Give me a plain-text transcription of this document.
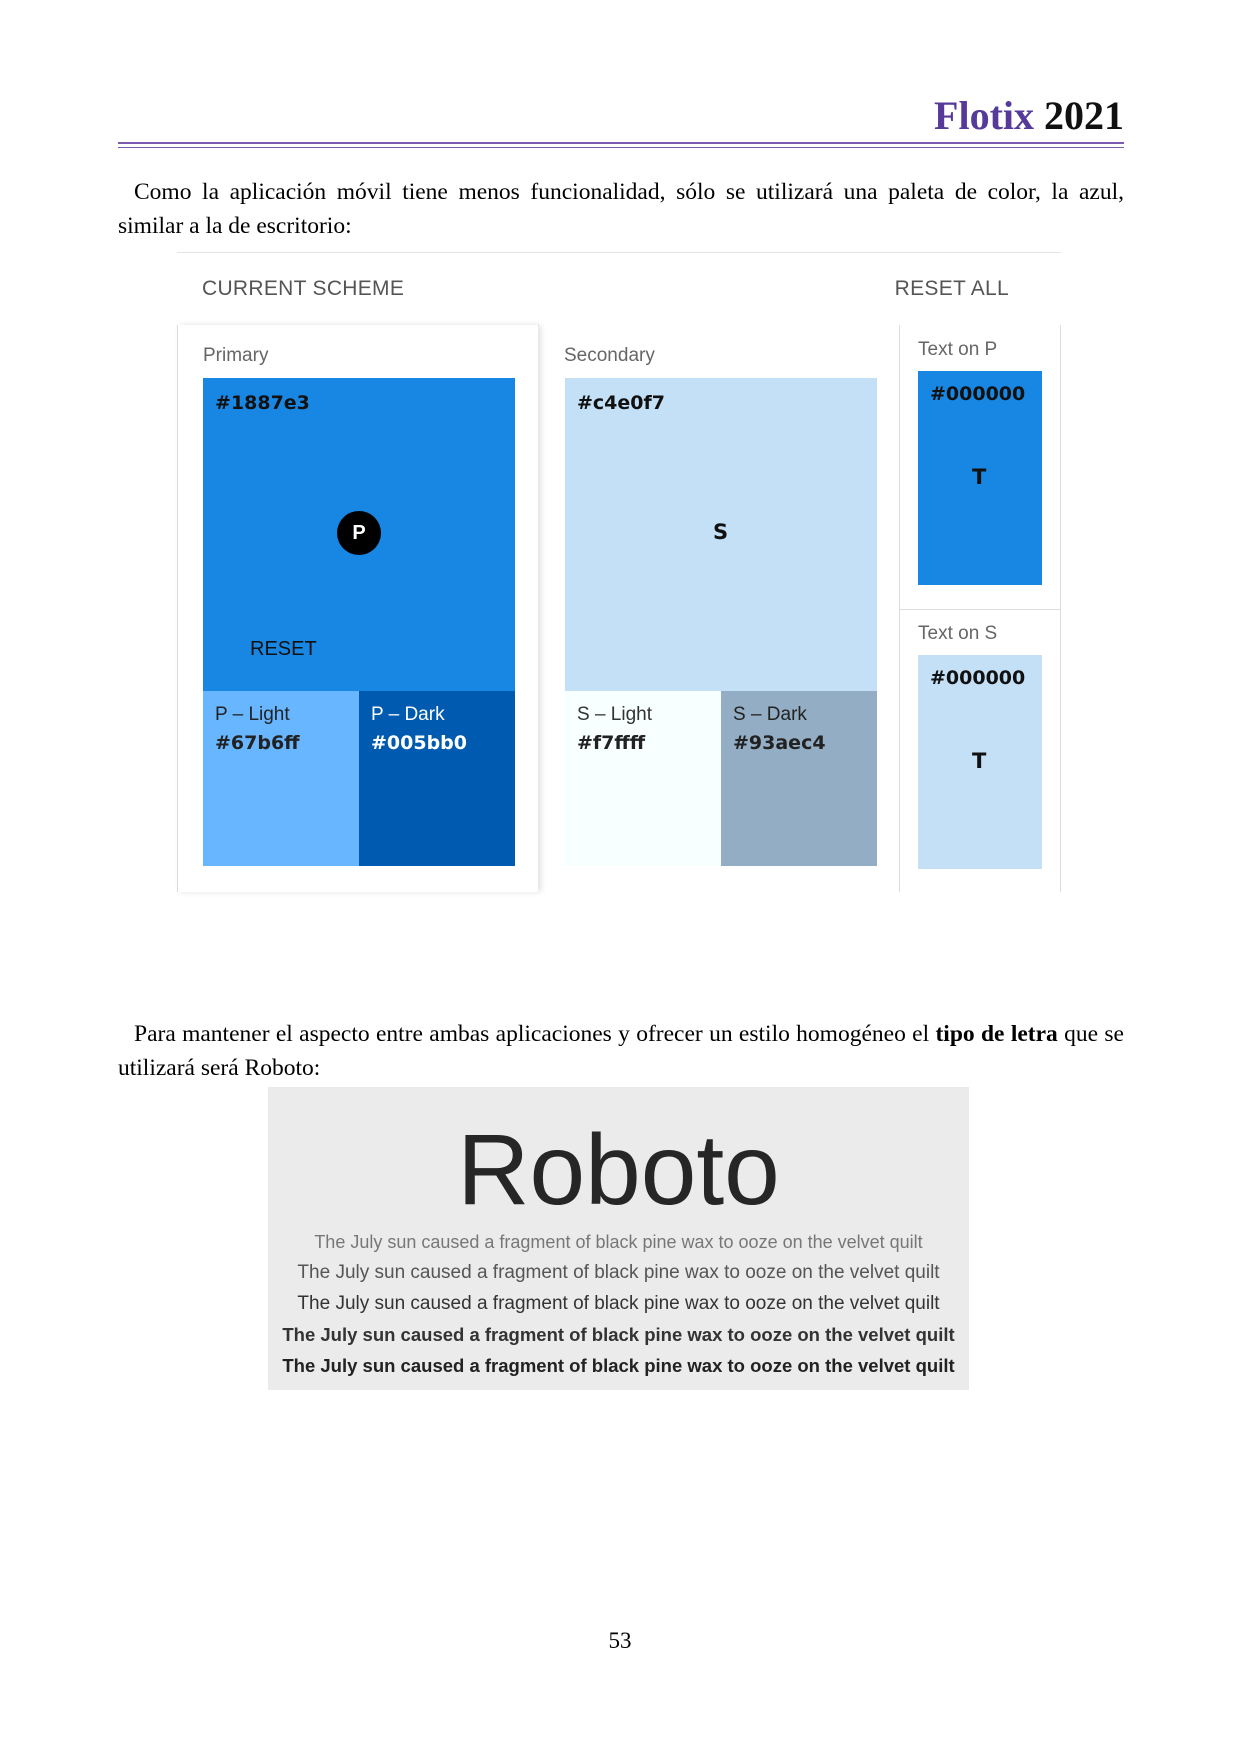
Flotix 2021

Como la aplicación móvil tiene menos funcionalidad, sólo se utilizará una paleta de color, la azul, similar a la de escritorio:

CURRENT SCHEME	RESET ALL
Primary
#1887e3
P
RESET
P – Light
#67b6ff
P – Dark
#005bb0
Secondary
#c4e0f7
S
S – Light
#f7ffff
S – Dark
#93aec4
Text on P
#000000
T
Text on S
#000000
T

Para mantener el aspecto entre ambas aplicaciones y ofrecer un estilo homogéneo el tipo de letra que se utilizará será Roboto:

Roboto
The July sun caused a fragment of black pine wax to ooze on the velvet quilt
The July sun caused a fragment of black pine wax to ooze on the velvet quilt
The July sun caused a fragment of black pine wax to ooze on the velvet quilt
The July sun caused a fragment of black pine wax to ooze on the velvet quilt
The July sun caused a fragment of black pine wax to ooze on the velvet quilt
53
